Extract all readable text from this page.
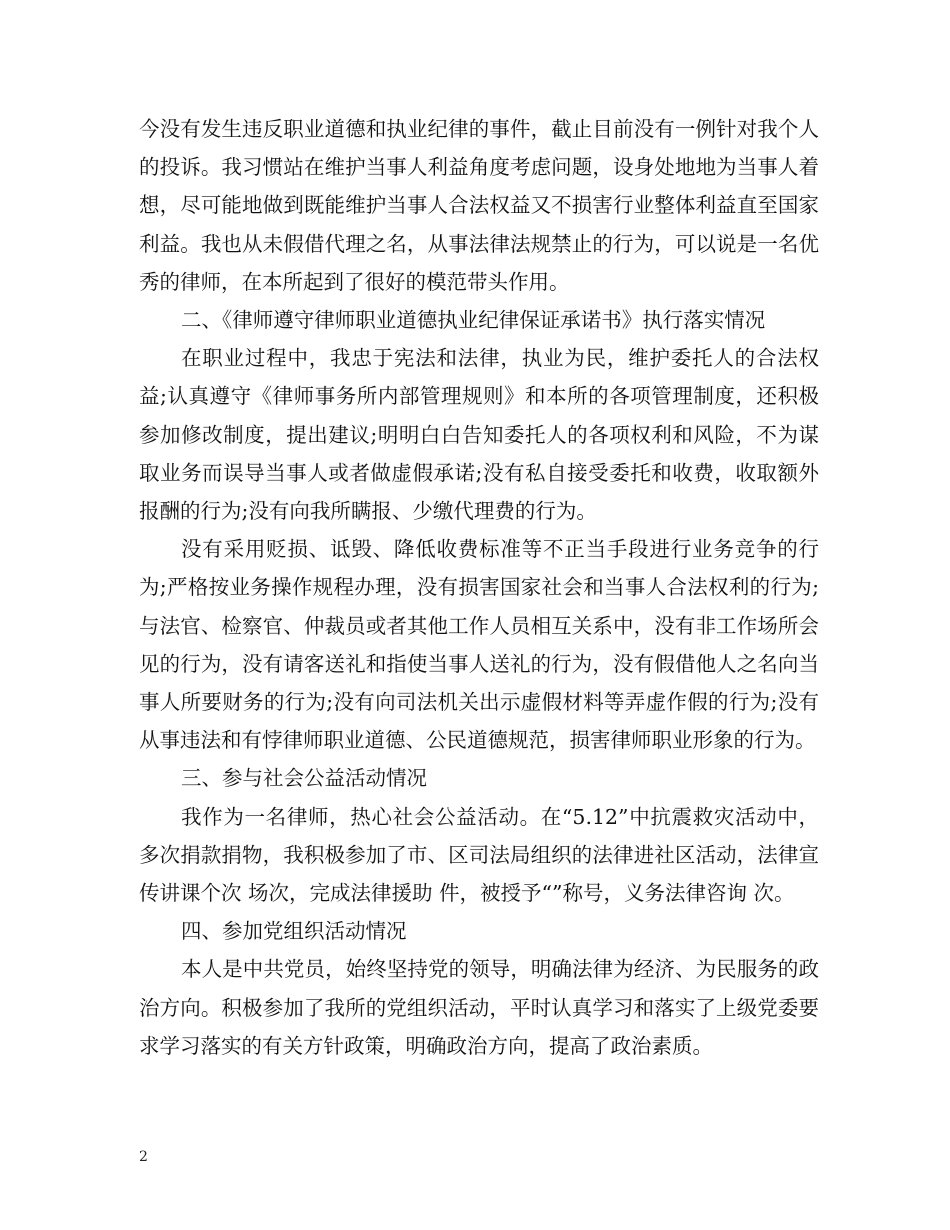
今没有发生违反职业道德和执业纪律的事件，截止目前没有一例针对我个人的投诉。我习惯站在维护当事人利益角度考虑问题，设身处地地为当事人着想，尽可能地做到既能维护当事人合法权益又不损害行业整体利益直至国家利益。我也从未假借代理之名，从事法律法规禁止的行为，可以说是一名优秀的律师，在本所起到了很好的模范带头作用。

二、《律师遵守律师职业道德执业纪律保证承诺书》执行落实情况

在职业过程中，我忠于宪法和法律，执业为民，维护委托人的合法权益;认真遵守《律师事务所内部管理规则》和本所的各项管理制度，还积极参加修改制度，提出建议;明明白白告知委托人的各项权利和风险，不为谋取业务而误导当事人或者做虚假承诺;没有私自接受委托和收费，收取额外报酬的行为;没有向我所瞒报、少缴代理费的行为。

没有采用贬损、诋毁、降低收费标准等不正当手段进行业务竞争的行为;严格按业务操作规程办理，没有损害国家社会和当事人合法权利的行为;与法官、检察官、仲裁员或者其他工作人员相互关系中，没有非工作场所会见的行为，没有请客送礼和指使当事人送礼的行为，没有假借他人之名向当事人所要财务的行为;没有向司法机关出示虚假材料等弄虚作假的行为;没有从事违法和有悖律师职业道德、公民道德规范，损害律师职业形象的行为。

三、参与社会公益活动情况

我作为一名律师，热心社会公益活动。在“5.12”中抗震救灾活动中，多次捐款捐物，我积极参加了市、区司法局组织的法律进社区活动，法律宣传讲课个次 场次，完成法律援助 件，被授予“”称号，义务法律咨询 次。

四、参加党组织活动情况

本人是中共党员，始终坚持党的领导，明确法律为经济、为民服务的政治方向。积极参加了我所的党组织活动，平时认真学习和落实了上级党委要求学习落实的有关方针政策，明确政治方向，提高了政治素质。

2
